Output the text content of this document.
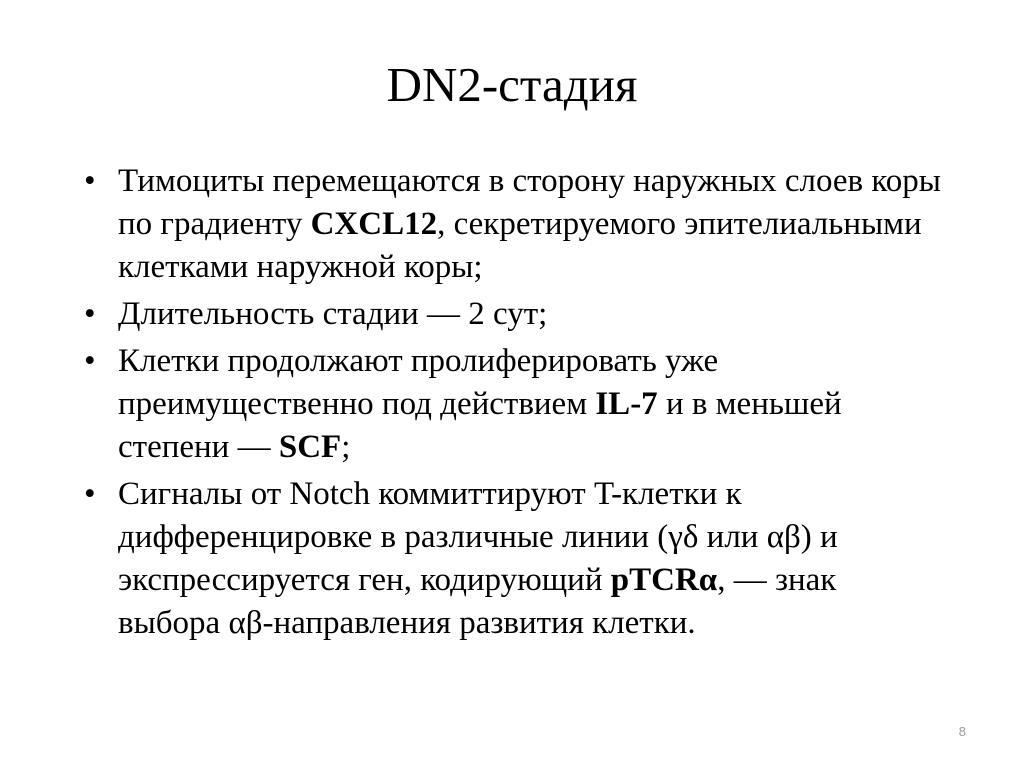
DN2-стадия
• Тимоциты перемещаются в сторону наружных слоев коры по градиенту CXCL12, секретируемого эпителиальными клетками наружной коры;
• Длительность стадии — 2 сут;
• Клетки продолжают пролиферировать уже преимущественно под действием IL-7 и в меньшей степени — SCF;
• Сигналы от Notch коммиттируют T-клетки к дифференцировке в различные линии (γδ или αβ) и экспрессируется ген, кодирующий pTCRα, — знак выбора αβ-направления развития клетки.
8
